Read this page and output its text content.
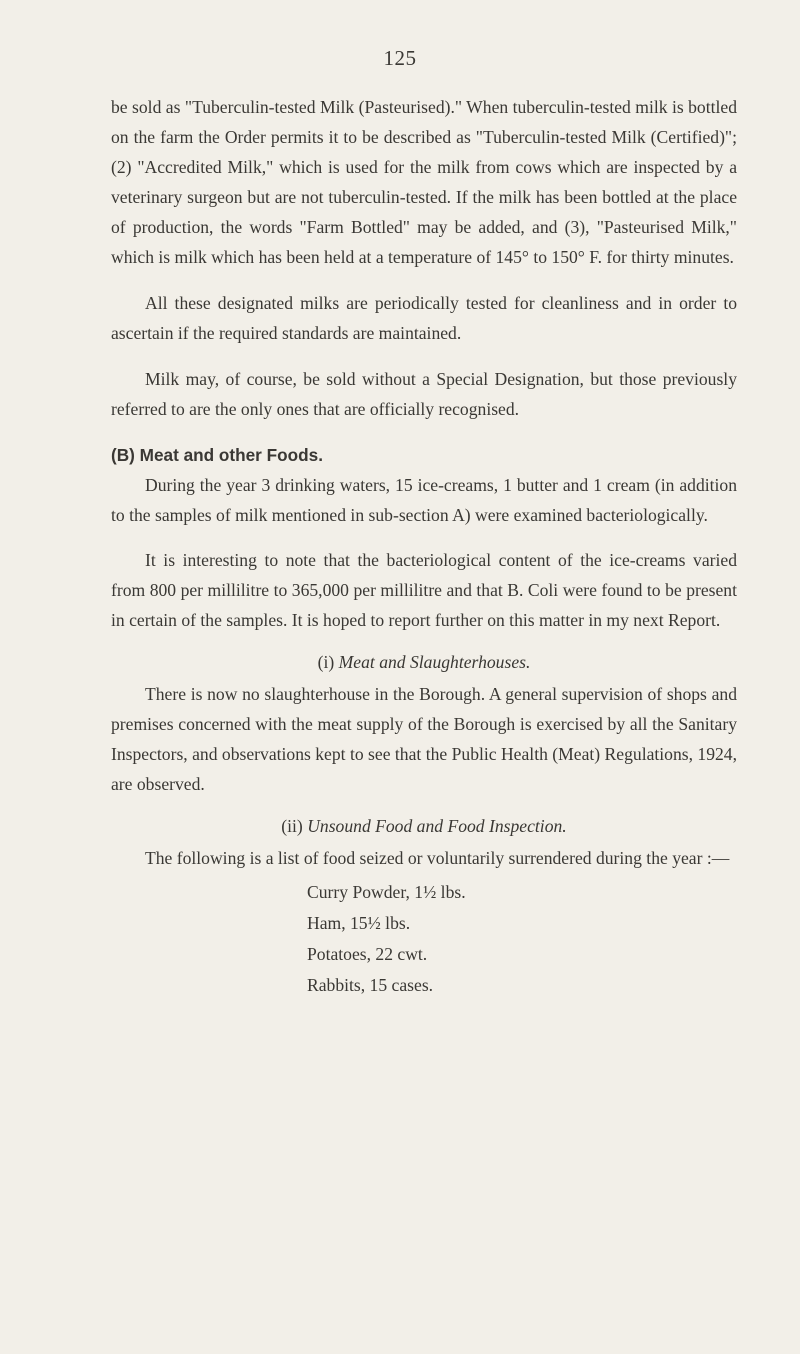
125

be sold as "Tuberculin-tested Milk (Pasteurised)." When tuberculin-tested milk is bottled on the farm the Order permits it to be described as "Tuberculin-tested Milk (Certified)"; (2) "Accredited Milk," which is used for the milk from cows which are inspected by a veterinary surgeon but are not tuberculin-tested. If the milk has been bottled at the place of production, the words "Farm Bottled" may be added, and (3), "Pasteurised Milk," which is milk which has been held at a temperature of 145° to 150° F. for thirty minutes.

All these designated milks are periodically tested for cleanliness and in order to ascertain if the required standards are maintained.

Milk may, of course, be sold without a Special Designation, but those previously referred to are the only ones that are officially recognised.

(B) Meat and other Foods.

During the year 3 drinking waters, 15 ice-creams, 1 butter and 1 cream (in addition to the samples of milk mentioned in sub-section A) were examined bacteriologically.

It is interesting to note that the bacteriological content of the ice-creams varied from 800 per millilitre to 365,000 per millilitre and that B. Coli were found to be present in certain of the samples. It is hoped to report further on this matter in my next Report.

(i) Meat and Slaughterhouses.

There is now no slaughterhouse in the Borough. A general supervision of shops and premises concerned with the meat supply of the Borough is exercised by all the Sanitary Inspectors, and observations kept to see that the Public Health (Meat) Regulations, 1924, are observed.

(ii) Unsound Food and Food Inspection.

The following is a list of food seized or voluntarily surrendered during the year :—

Curry Powder, 1½ lbs.
Ham, 15½ lbs.
Potatoes, 22 cwt.
Rabbits, 15 cases.
